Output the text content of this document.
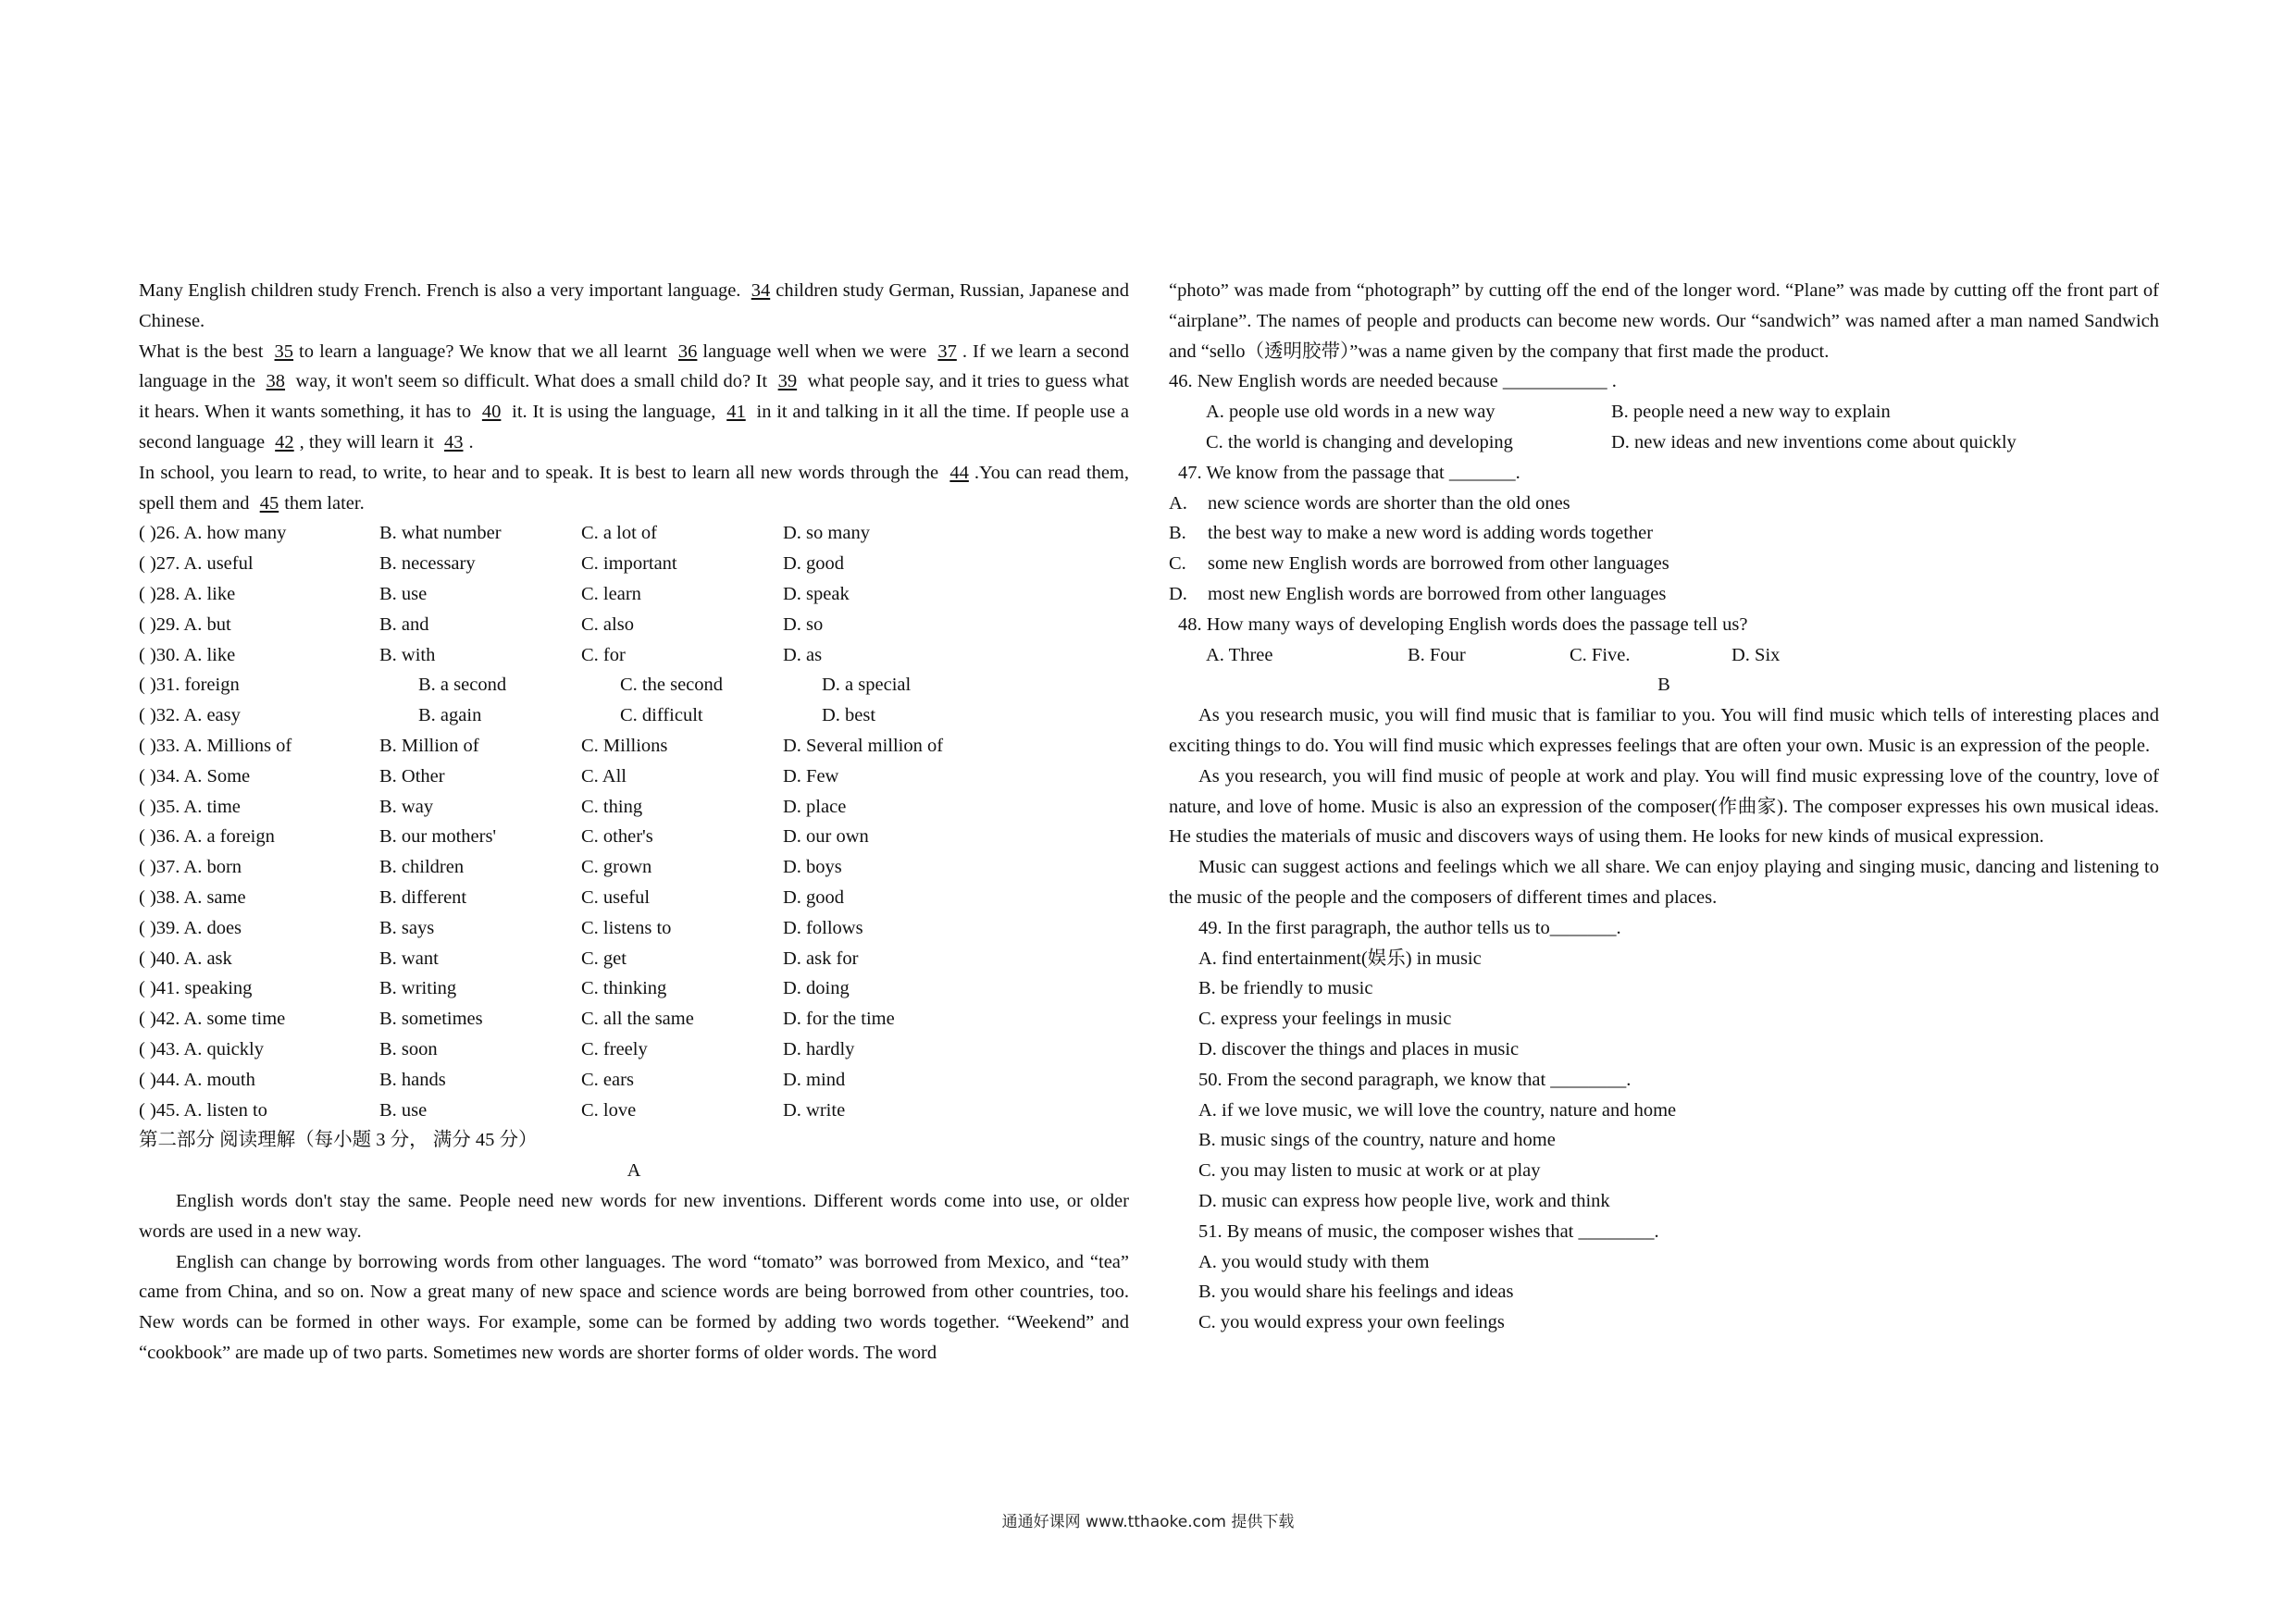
Many English children study French. French is also a very important language. 34 children study German, Russian, Japanese and Chinese.

What is the best 35 to learn a language? We know that we all learnt 36 language well when we were 37 . If we learn a second language in the 38 way, it won't seem so difficult. What does a small child do? It 39 what people say, and it tries to guess what it hears. When it wants something, it has to 40 it. It is using the language, 41 in it and talking in it all the time. If people use a second language 42 , they will learn it 43 .

In school, you learn to read, to write, to hear and to speak. It is best to learn all new words through the 44 .You can read them, spell them and 45 them later.

( )26. A. how many	B. what number	C. a lot of	D. so many
( )27. A. useful	B. necessary	C. important	D. good
( )28. A. like	B. use	C. learn	D. speak
( )29. A. but	B. and	C. also	D. so
( )30. A. like	B. with	C. for	D. as
( )31. foreign	B. a second	C. the second	D. a special
( )32. A. easy	B. again	C. difficult	D. best
( )33. A. Millions of	B. Million of	C. Millions	D. Several million of
( )34. A. Some	B. Other	C. All	D. Few
( )35. A. time	B. way	C. thing	D. place
( )36. A. a foreign	B. our mothers'	C. other's	D. our own
( )37. A. born	B. children	C. grown	D. boys
( )38. A. same	B. different	C. useful	D. good
( )39. A. does	B. says	C. listens to	D. follows
( )40. A. ask	B. want	C. get	D. ask for
( )41. speaking	B. writing	C. thinking	D. doing
( )42. A. some time	B. sometimes	C. all the same	D. for the time
( )43. A. quickly	B. soon	C. freely	D. hardly
( )44. A. mouth	B. hands	C. ears	D. mind
( )45. A. listen to	B. use	C. love	D. write

第二部分 阅读理解（每小题 3 分， 满分 45 分）

A

English words don't stay the same. People need new words for new inventions. Different words come into use, or older words are used in a new way.

English can change by borrowing words from other languages. The word “tomato” was borrowed from Mexico, and “tea” came from China, and so on. Now a great many of new space and science words are being borrowed from other countries, too. New words can be formed in other ways. For example, some can be formed by adding two words together. “Weekend” and “cookbook” are made up of two parts. Sometimes new words are shorter forms of older words. The word

“photo” was made from “photograph” by cutting off the end of the longer word. “Plane” was made by cutting off the front part of “airplane”. The names of people and products can become new words. Our “sandwich” was named after a man named Sandwich and “sello（透明胶带）”was a name given by the company that first made the product.

46. New English words are needed because ___________ .

A. people use old words in a new way	B. people need a new way to explain
C. the world is changing and developing	D. new ideas and new inventions come about quickly

47. We know from the passage that _______.

A.	new science words are shorter than the old ones
B.	the best way to make a new word is adding words together
C.	some new English words are borrowed from other languages
D.	most new English words are borrowed from other languages

48. How many ways of developing English words does the passage tell us?

A. Three	B. Four	C. Five.	D. Six

B

As you research music, you will find music that is familiar to you. You will find music which tells of interesting places and exciting things to do. You will find music which expresses feelings that are often your own. Music is an expression of the people.

As you research, you will find music of people at work and play. You will find music expressing love of the country, love of nature, and love of home. Music is also an expression of the composer(作曲家). The composer expresses his own musical ideas. He studies the materials of music and discovers ways of using them. He looks for new kinds of musical expression.

Music can suggest actions and feelings which we all share. We can enjoy playing and singing music, dancing and listening to the music of the people and the composers of different times and places.

49. In the first paragraph, the author tells us to_______.

A. find entertainment(娱乐) in music

B. be friendly to music

C. express your feelings in music

D. discover the things and places in music

50. From the second paragraph, we know that ________.

A. if we love music, we will love the country, nature and home

B. music sings of the country, nature and home

C. you may listen to music at work or at play

D. music can express how people live, work and think

51. By means of music, the composer wishes that ________.

A. you would study with them

B. you would share his feelings and ideas

C. you would express your own feelings

通通好课网 www.tthaoke.com 提供下载
